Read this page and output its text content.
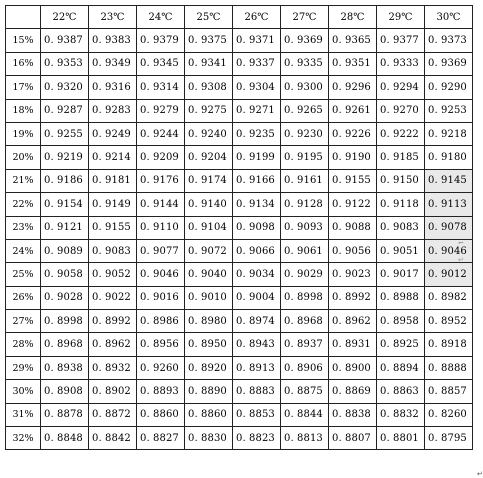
	22℃	23℃	24℃	25℃	26℃	27℃	28℃	29℃	30℃
15%	0. 9387	0. 9383	0. 9379	0. 9375	0. 9371	0. 9369	0. 9365	0. 9377	0. 9373
16%	0. 9353	0. 9349	0. 9345	0. 9341	0. 9337	0. 9335	0. 9351	0. 9333	0. 9369
17%	0. 9320	0. 9316	0. 9314	0. 9308	0. 9304	0. 9300	0. 9296	0. 9294	0. 9290
18%	0. 9287	0. 9283	0. 9279	0. 9275	0. 9271	0. 9265	0. 9261	0. 9270	0. 9253
19%	0. 9255	0. 9249	0. 9244	0. 9240	0. 9235	0. 9230	0. 9226	0. 9222	0. 9218
20%	0. 9219	0. 9214	0. 9209	0. 9204	0. 9199	0. 9195	0. 9190	0. 9185	0. 9180
21%	0. 9186	0. 9181	0. 9176	0. 9174	0. 9166	0. 9161	0. 9155	0. 9150	0. 9145
22%	0. 9154	0. 9149	0. 9144	0. 9140	0. 9134	0. 9128	0. 9122	0. 9118	0. 9113
23%	0. 9121	0. 9155	0. 9110	0. 9104	0. 9098	0. 9093	0. 9088	0. 9083	0. 9078
24%	0. 9089	0. 9083	0. 9077	0. 9072	0. 9066	0. 9061	0. 9056	0. 9051	0. 9046
25%	0. 9058	0. 9052	0. 9046	0. 9040	0. 9034	0. 9029	0. 9023	0. 9017	0. 9012
26%	0. 9028	0. 9022	0. 9016	0. 9010	0. 9004	0. 8998	0. 8992	0. 8988	0. 8982
27%	0. 8998	0. 8992	0. 8986	0. 8980	0. 8974	0. 8968	0. 8962	0. 8958	0. 8952
28%	0. 8968	0. 8962	0. 8956	0. 8950	0. 8943	0. 8937	0. 8931	0. 8925	0. 8918
29%	0. 8938	0. 8932	0. 9260	0. 8920	0. 8913	0. 8906	0. 8900	0. 8894	0. 8888
30%	0. 8908	0. 8902	0. 8893	0. 8890	0. 8883	0. 8875	0. 8869	0. 8863	0. 8857
31%	0. 8878	0. 8872	0. 8860	0. 8860	0. 8853	0. 8844	0. 8838	0. 8832	0. 8260
32%	0. 8848	0. 8842	0. 8827	0. 8830	0. 8823	0. 8813	0. 8807	0. 8801	0. 8795
⌐
↵
↵
